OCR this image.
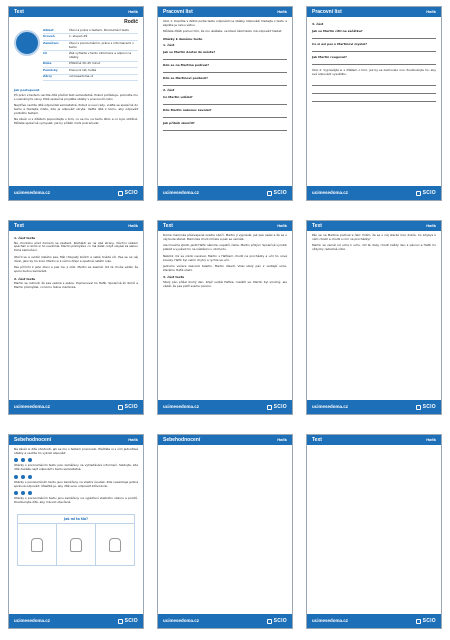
Text	Hafík
Rodič
Oblast	Čtení a práce s textem, Porozumění textu
Úroveň	1. stupeň ZŠ
Zaměření	Čtení s porozuměním, práce s informacemi v textu
Cíl	Žák vyhledá v textu informace a odpoví na otázky
Doba	Přibližně 30–45 minut
Pomůcky	Pracovní list, tužka
Zdroj	ucimesedoma.cz
Jak postupovat
Při práci s textem nechte dítě přečíst text samostatně. Pokud potřebuje, pomozte mu s neznámými slovy. Poté společně projděte otázky v pracovním listu.
Nejdříve nechte dítě odpovídat samostatně. Pokud si neví rady, vraťte se společně do textu a hledejte místo, kde je odpověď ukryta. Veďte dítě k tomu, aby odpověď podložilo textem.
Na závěr si s dítětem popovídejte o tom, co se mu na textu líbilo a co bylo obtížné. Můžete společně vymyslet, jak by příběh mohl pokračovat.
ucimesedoma.cz	SCIO
Pracovní list	Hafík
Úkol 1: Doplňte s dětmi podle textu odpovědi na otázky. Odpovědi hledejte v textu a zapište je celou větou.
Můžete dítěti pomoci tím, že mu ukážete, ve které části textu má odpověď hledat.
Otázky k danému textu
1. část
Jak se Martin dostal do města?
Kdo se na Martina podíval?
Kdo se Martinovi postavil?
2. část
Co Martin udělal?
Kdo Martin nakonec zavolal?
Jak příběh skončil?
ucimesedoma.cz	SCIO
Pracovní list	Hafík
3. část
Jak se Martin cítil na začátku?
Co si asi pes o Martinovi myslel?
Jak Martin reagoval?
Úkol 2: Vyprávějte si s dítětem o tom, jak by se zachovalo ono. Povzbuzujte ho, aby své odpovědi vysvětlilo.
ucimesedoma.cz	SCIO
Text	Hafík
1. část textu
Na chodníku před domem se zastavil. Rozhlédl se na obě strany. Všichni někam spěchali a nikdo si ho nevšímal. Martin přemýšlel, co má dělat, když uslyšel za sebou tiché zakňučení.
Otočil se a uviděl malého psa. Měl chlupatý kožich a velké hnědé oči. Pes se na něj díval, jako by ho znal. Martin si k němu dřepl a opatrně natáhl ruku.
Pes přičichl k jeho dlani a pak mu ji olízl. Martin se zasmál. Od té chvíle věděl, že spolu budou kamarádi.
2. část textu
Martin se rozhodl, že psa vezme s sebou. Pojmenoval ho Hafík. Společně šli domů a Martin přemýšlel, co tomu řekne maminka.
ucimesedoma.cz	SCIO
Text	Hafík
Doma maminka překvapeně zvedla obočí. Martin jí vyprávěl, jak psa našel a že se o něj bude starat. Maminka chvíli mlčela a pak se usmála.
Ale musíme zjistit, jestli Hafík někomu nepatří, řekla. Martin přikývl. Společně vyrobili plakát a vyvěsili ho na nástěnku u obchodu.
Několik dní se nikdo neozval. Martin s Hafíkem chodil na procházky a učil ho nové kousky. Hafík byl velmi chytrý a rychle se učil.
Jednoho večera zazvonil telefon. Martin zbledl. Volal starý pán z vedlejší ulice, kterému Hafík utekl.
3. část textu
Starý pán přišel druhý den. Když uviděl Hafíka, rozzářil se. Martin byl smutný, ale věděl, že pes patří svému pánovi.
ucimesedoma.cz	SCIO
Text	Hafík
Pán se na Martina podíval a řekl: Vidím, že se o něj staráš moc dobře. Co kdybys k nám chodil a chodil s ním na procházky?
Martin se usmál od ucha k uchu. Od té doby chodil každý den k pánovi a Hafík ho vždycky radostně vítal.
ucimesedoma.cz	SCIO
Sebehodnocení	Hafík
Na závěr si dítě ohodnotí, jak se mu s textem pracovalo. Přečtěte si s ním jednotlivé otázky a nechte ho vybrat odpověď.
Otázky s porozuměním textu jsou zaměřeny na vyhledávání informací. Sledujte, zda dítě dokáže najít odpověď v textu samostatně.
Otázky s porozuměním textu jsou zaměřeny na vlastní úsudek. Zde neexistuje jediná správná odpověď, důležité je, aby dítě svou odpověď zdůvodnilo.
Otázky s porozuměním textu jsou zaměřeny na vyjádření vlastního názoru a pocitů. Povzbuzujte dítě, aby mluvilo otevřeně.
Jak mi to šlo?
ucimesedoma.cz	SCIO
Sebehodnocení	Hafík
ucimesedoma.cz	SCIO
Text	Hafík
ucimesedoma.cz	SCIO
